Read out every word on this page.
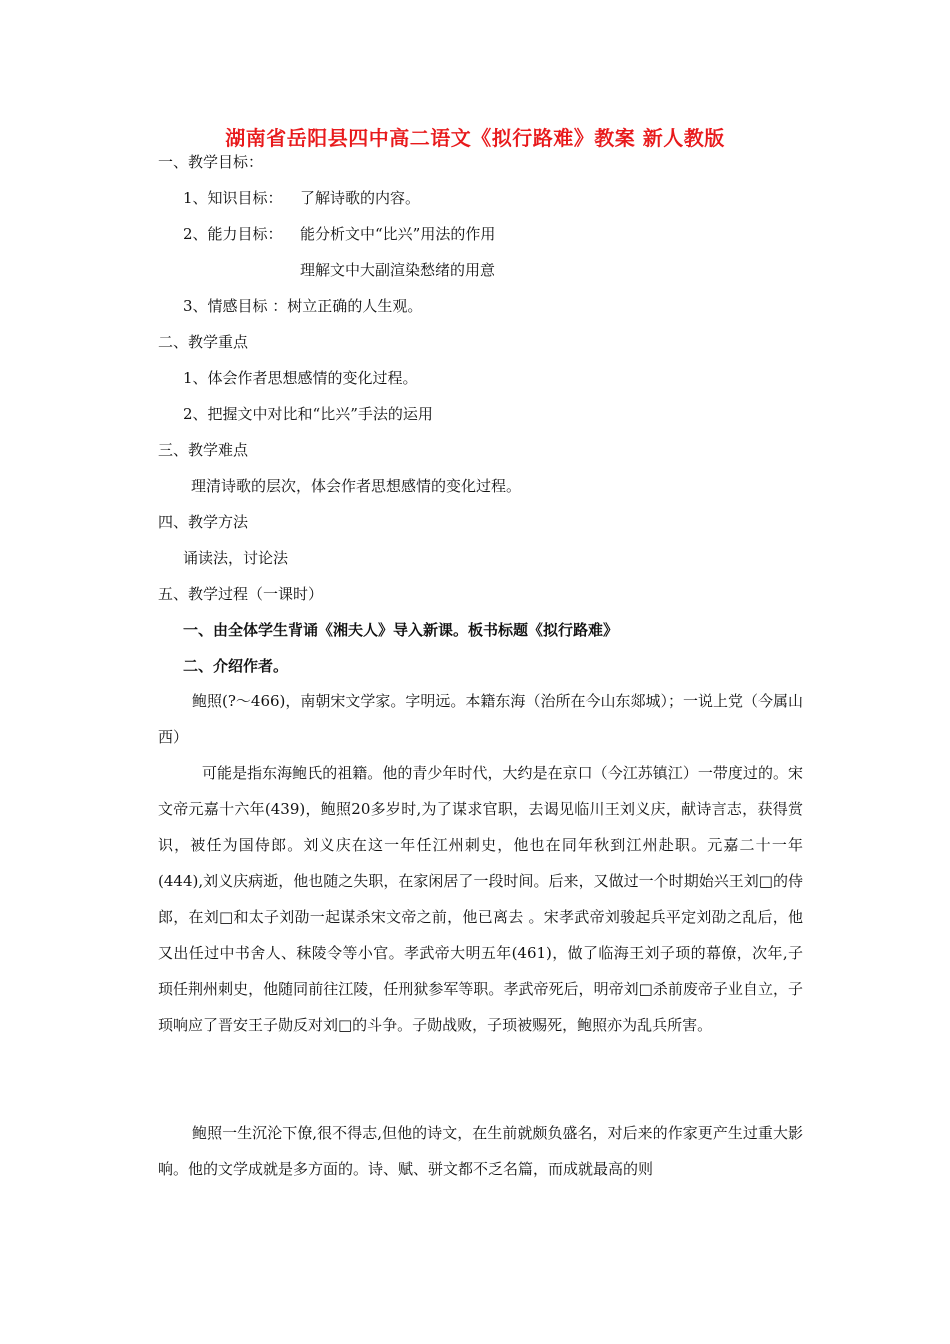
湖南省岳阳县四中高二语文《拟行路难》教案 新人教版
一、教学目标：
1、知识目标： 了解诗歌的内容。
2、能力目标： 能分析文中“比兴”用法的作用
理解文中大副渲染愁绪的用意
3、情感目标 ：树立正确的人生观。
二、教学重点
1、体会作者思想感情的变化过程。
2、把握文中对比和“比兴”手法的运用
三、教学难点
理清诗歌的层次，体会作者思想感情的变化过程。
四、教学方法
诵读法，讨论法
五、教学过程（一课时）
一、由全体学生背诵《湘夫人》导入新课。板书标题《拟行路难》
二、介绍作者。
鲍照(?～466)，南朝宋文学家。字明远。本籍东海（治所在今山东郯城）；一说上党（今属山西）
可能是指东海鲍氏的祖籍。他的青少年时代，大约是在京口（今江苏镇江）一带度过的。宋文帝元嘉十六年(439)，鲍照20多岁时,为了谋求官职，去谒见临川王刘义庆，献诗言志，获得赏识，被任为国侍郎。刘义庆在这一年任江州刺史，他也在同年秋到江州赴职。元嘉二十一年(444),刘义庆病逝，他也随之失职，在家闲居了一段时间。后来，又做过一个时期始兴王刘□的侍郎，在刘□和太子刘劭一起谋杀宋文帝之前，他已离去 。宋孝武帝刘骏起兵平定刘劭之乱后，他又出任过中书舍人、秣陵令等小官。孝武帝大明五年(461)，做了临海王刘子顼的幕僚，次年,子顼任荆州刺史，他随同前往江陵，任刑狱参军等职。孝武帝死后，明帝刘□杀前废帝子业自立，子顼响应了晋安王子勋反对刘□的斗争。子勋战败，子顼被赐死，鲍照亦为乱兵所害。
鲍照一生沉沦下僚,很不得志,但他的诗文，在生前就颇负盛名，对后来的作家更产生过重大影响。他的文学成就是多方面的。诗、赋、骈文都不乏名篇，而成就最高的则
